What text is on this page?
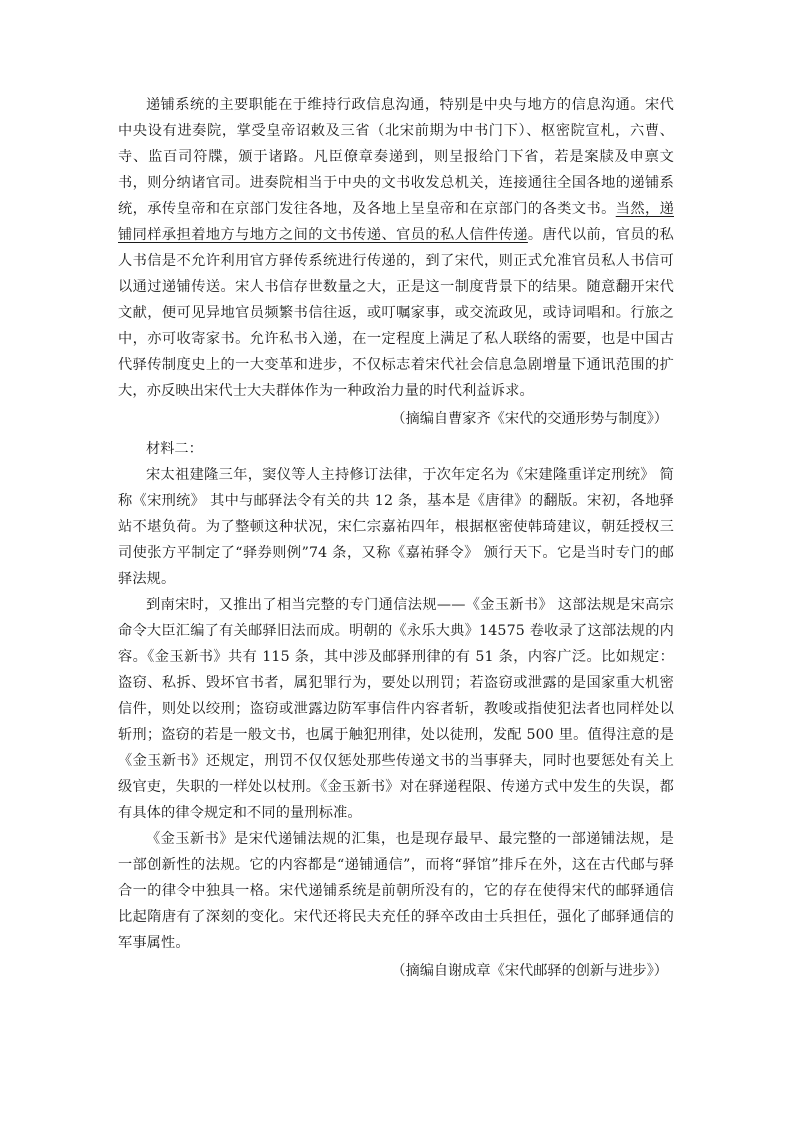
递铺系统的主要职能在于维持行政信息沟通，特别是中央与地方的信息沟通。宋代中央设有进奏院，掌受皇帝诏敕及三省（北宋前期为中书门下）、枢密院宣札，六曹、寺、监百司符牒，颁于诸路。凡臣僚章奏递到，则呈报给门下省，若是案牍及申禀文书，则分纳诸官司。进奏院相当于中央的文书收发总机关，连接通往全国各地的递铺系统，承传皇帝和在京部门发往各地，及各地上呈皇帝和在京部门的各类文书。当然，递铺同样承担着地方与地方之间的文书传递、官员的私人信件传递。唐代以前，官员的私人书信是不允许利用官方驿传系统进行传递的，到了宋代，则正式允准官员私人书信可以通过递铺传送。宋人书信存世数量之大，正是这一制度背景下的结果。随意翻开宋代文献，便可见异地官员频繁书信往返，或叮嘱家事，或交流政见，或诗词唱和。行旅之中，亦可收寄家书。允许私书入递，在一定程度上满足了私人联络的需要，也是中国古代驿传制度史上的一大变革和进步，不仅标志着宋代社会信息急剧增量下通讯范围的扩大，亦反映出宋代士大夫群体作为一种政治力量的时代利益诉求。

（摘编自曹家齐《宋代的交通形势与制度》）

材料二：

宋太祖建隆三年，窦仪等人主持修订法律，于次年定名为《宋建隆重详定刑统》 简称《宋刑统》 其中与邮驿法令有关的共 12 条，基本是《唐律》的翻版。宋初，各地驿站不堪负荷。为了整顿这种状况，宋仁宗嘉祐四年，根据枢密使韩琦建议，朝廷授权三司使张方平制定了“驿券则例”74 条，又称《嘉祐驿令》 颁行天下。它是当时专门的邮驿法规。

到南宋时，又推出了相当完整的专门通信法规——《金玉新书》 这部法规是宋高宗命令大臣汇编了有关邮驿旧法而成。明朝的《永乐大典》14575 卷收录了这部法规的内容。《金玉新书》共有 115 条，其中涉及邮驿刑律的有 51 条，内容广泛。比如规定：盗窃、私拆、毁坏官书者，属犯罪行为，要处以刑罚；若盗窃或泄露的是国家重大机密信件，则处以绞刑；盗窃或泄露边防军事信件内容者斩，教唆或指使犯法者也同样处以斩刑；盗窃的若是一般文书，也属于触犯刑律，处以徒刑，发配 500 里。值得注意的是《金玉新书》还规定，刑罚不仅仅惩处那些传递文书的当事驿夫，同时也要惩处有关上级官吏，失职的一样处以杖刑。《金玉新书》对在驿递程限、传递方式中发生的失误，都有具体的律令规定和不同的量刑标准。

《金玉新书》是宋代递铺法规的汇集，也是现存最早、最完整的一部递铺法规，是一部创新性的法规。它的内容都是“递铺通信”，而将“驿馆”排斥在外，这在古代邮与驿合一的律令中独具一格。宋代递铺系统是前朝所没有的，它的存在使得宋代的邮驿通信比起隋唐有了深刻的变化。宋代还将民夫充任的驿卒改由士兵担任，强化了邮驿通信的军事属性。

（摘编自谢成章《宋代邮驿的创新与进步》）
